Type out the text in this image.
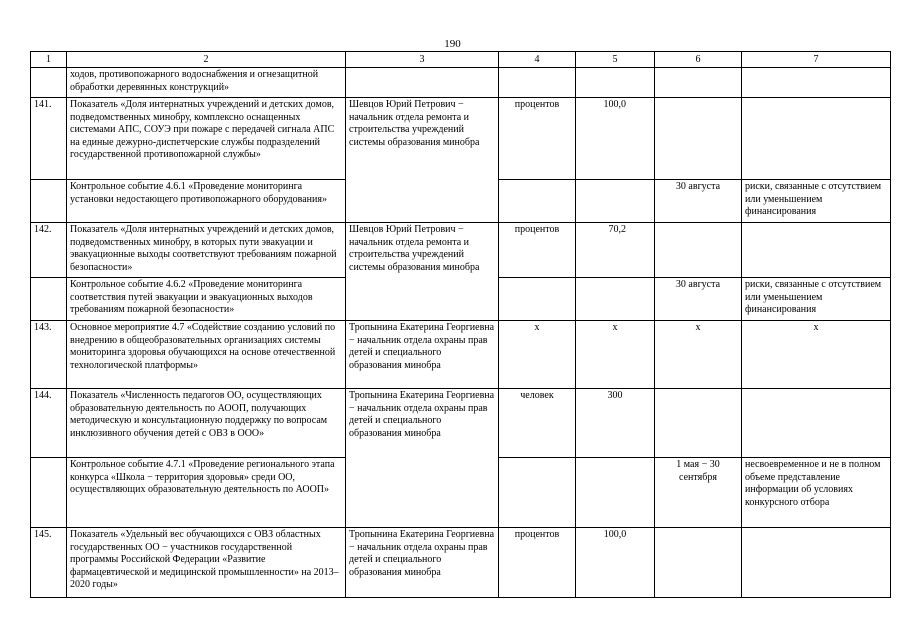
190
1	2	3	4	5	6	7
	ходов, противопожарного водоснабжения и огнезащитной обработки деревянных конструкций»					
141.	Показатель «Доля интернатных учреждений и детских домов, подведомственных минобру, комплексно оснащенных системами АПС, СОУЭ при пожаре с передачей сигнала АПС на единые дежурно-диспетчерские службы подразделений государственной противопожарной службы»	Шевцов Юрий Петрович − начальник отдела ремонта и строительства учреждений системы образования минобра	процентов	100,0		
	Контрольное событие 4.6.1 «Проведение мониторинга установки недостающего противопожарного оборудования»				30 августа	риски, связанные с отсутствием или уменьшением финансирования
142.	Показатель «Доля интернатных учреждений и детских домов, подведомственных минобру, в которых пути эвакуации и эвакуационные выходы соответствуют требованиям пожарной безопасности»	Шевцов Юрий Петрович − начальник отдела ремонта и строительства учреждений системы образования минобра	процентов	70,2		
	Контрольное событие 4.6.2 «Проведение мониторинга соответствия путей эвакуации и эвакуационных выходов требованиям пожарной безопасности»				30 августа	риски, связанные с отсутствием или уменьшением финансирования
143.	Основное мероприятие 4.7 «Содействие созданию условий по внедрению в общеобразовательных организациях системы мониторинга здоровья обучающихся на основе отечественной технологической платформы»	Тропынина Екатерина Георгиевна − начальник отдела охраны прав детей и специального образования минобра	x	x	x	x
144.	Показатель «Численность педагогов ОО, осуществляющих образовательную деятельность по АООП, получающих методическую и консультационную поддержку по вопросам инклюзивного обучения детей с ОВЗ в ООО»	Тропынина Екатерина Георгиевна − начальник отдела охраны прав детей и специального образования минобра	человек	300		
	Контрольное событие 4.7.1 «Проведение регионального этапа конкурса «Школа − территория здоровья» среди ОО, осуществляющих образовательную деятельность по АООП»				1 мая − 30 сентября	несвоевременное и не в полном объеме представление информации об условиях конкурсного отбора
145.	Показатель «Удельный вес обучающихся с ОВЗ областных государственных ОО − участников государственной программы Российской Федерации «Развитие фармацевтической и медицинской промышленности» на 2013–2020 годы»	Тропынина Екатерина Георгиевна − начальник отдела охраны прав детей и специального образования минобра	процентов	100,0		
